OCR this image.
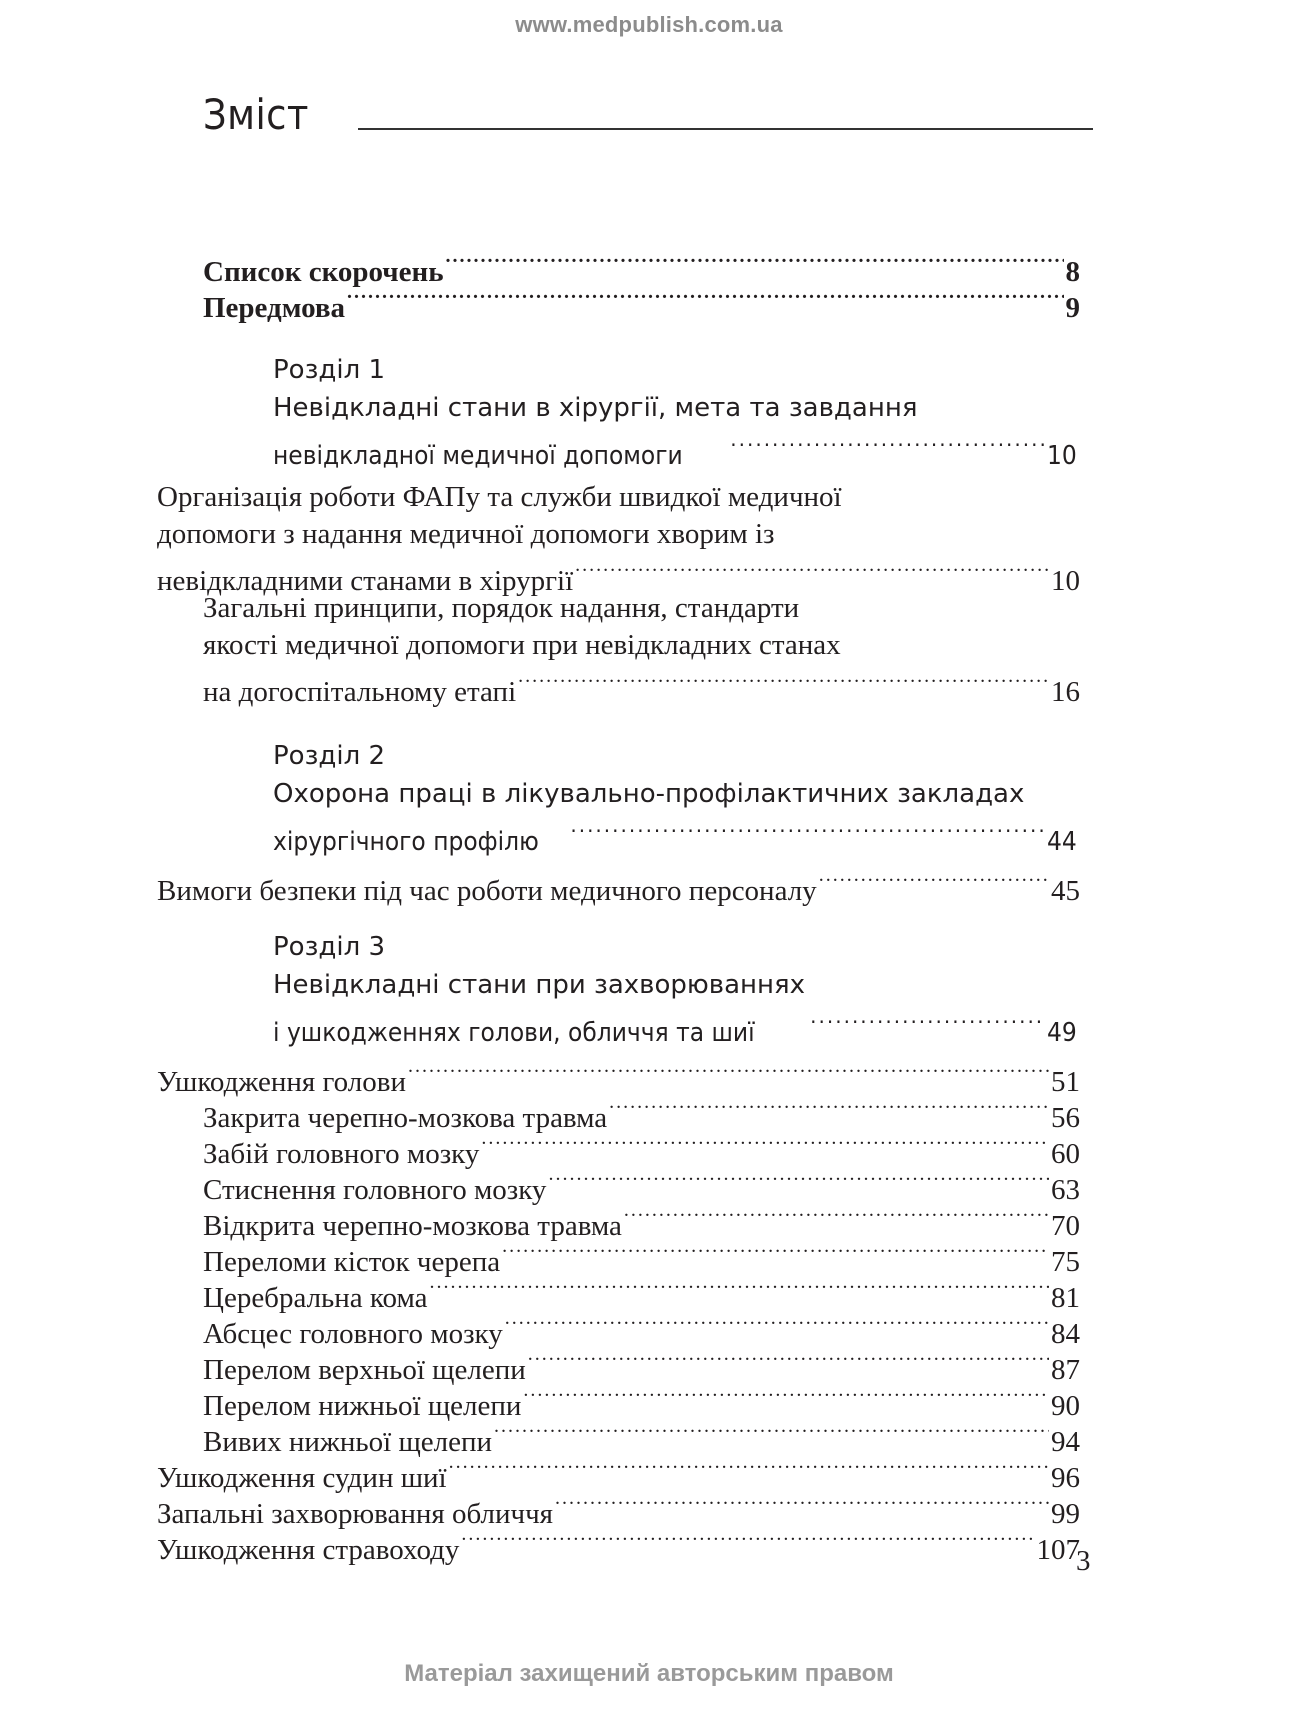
www.medpublish.com.ua
Зміст
Список скорочень .....	8
Передмова .....	9
Розділ 1
Невідкладні стани в хірургії, мета та завдання
невідкладної медичної допомоги .....	10
Організація роботи ФАПу та служби швидкої медичної
допомоги з надання медичної допомоги хворим із
невідкладними станами в хірургії .....	10
Загальні принципи, порядок надання, стандарти
якості медичної допомоги при невідкладних станах
на догоспітальному етапі .....	16
Розділ 2
Охорона праці в лікувально-профілактичних закладах
хірургічного профілю .....	44
Вимоги безпеки під час роботи медичного персоналу .....	45
Розділ 3
Невідкладні стани при захворюваннях
і ушкодженнях голови, обличчя та шиї .....	49
Ушкодження голови .....	51
Закрита черепно-мозкова травма .....	56
Забій головного мозку .....	60
Стиснення головного мозку .....	63
Відкрита черепно-мозкова травма .....	70
Переломи кісток черепа .....	75
Церебральна кома .....	81
Абсцес головного мозку .....	84
Перелом верхньої щелепи .....	87
Перелом нижньої щелепи .....	90
Вивих нижньої щелепи .....	94
Ушкодження судин шиї .....	96
Запальні захворювання обличчя .....	99
Ушкодження стравоходу .....	107
3
Матеріал захищений авторським правом
